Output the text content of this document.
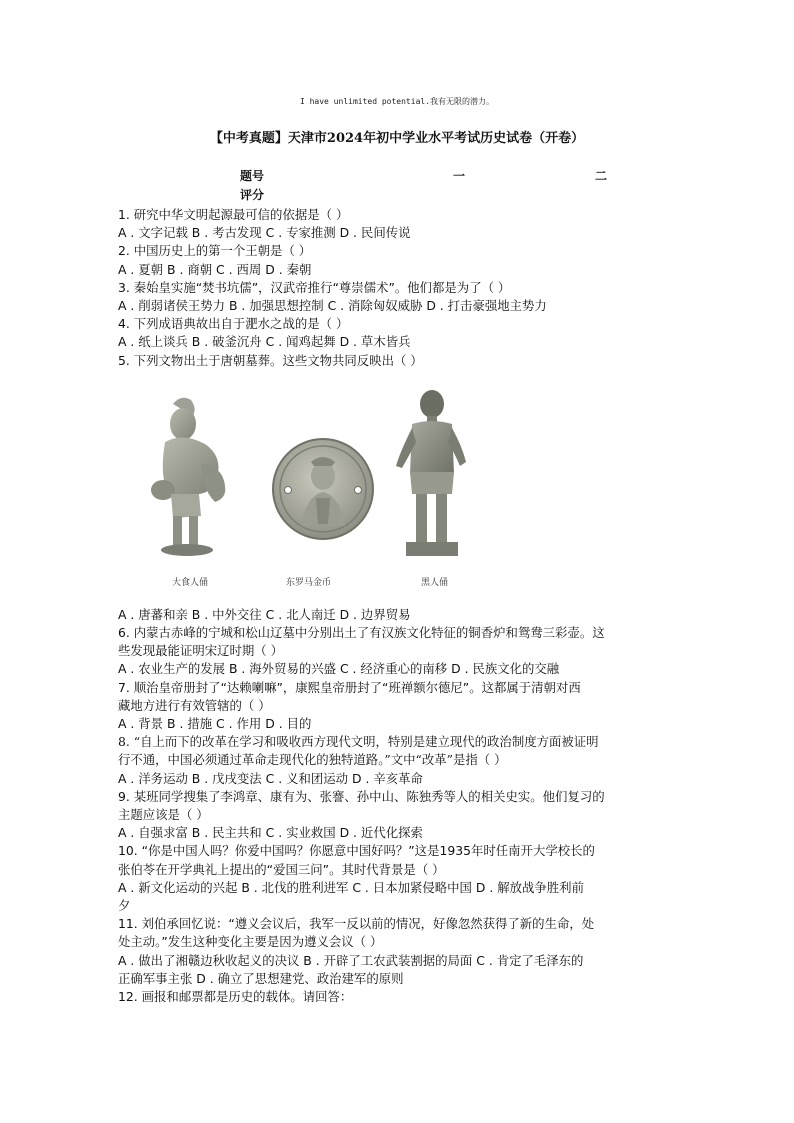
I have unlimited potential.我有无限的潜力。
【中考真题】天津市2024年初中学业水平考试历史试卷（开卷）
题号	一	二
评分
1. 研究中华文明起源最可信的依据是（ ）
A . 文字记载 B . 考古发现 C . 专家推测 D . 民间传说
2. 中国历史上的第一个王朝是（ ）
A . 夏朝 B . 商朝 C . 西周 D . 秦朝
3. 秦始皇实施“焚书坑儒”，汉武帝推行“尊崇儒术”。他们都是为了（ ）
A . 削弱诸侯王势力 B . 加强思想控制 C . 消除匈奴威胁 D . 打击豪强地主势力
4. 下列成语典故出自于淝水之战的是（ ）
A . 纸上谈兵 B . 破釜沉舟 C . 闻鸡起舞 D . 草木皆兵
5. 下列文物出土于唐朝墓葬。这些文物共同反映出（ ）
大食人俑	东罗马金币	黑人俑
A . 唐蕃和亲 B . 中外交往 C . 北人南迁 D . 边界贸易
6. 内蒙古赤峰的宁城和松山辽墓中分别出土了有汉族文化特征的铜香炉和鸳鸯三彩壶。这
些发现最能证明宋辽时期（ ）
A . 农业生产的发展 B . 海外贸易的兴盛 C . 经济重心的南移 D . 民族文化的交融
7. 顺治皇帝册封了“达赖喇嘛”，康熙皇帝册封了“班禅额尔德尼”。这都属于清朝对西
藏地方进行有效管辖的（ ）
A . 背景 B . 措施 C . 作用 D . 目的
8. “自上而下的改革在学习和吸收西方现代文明，特别是建立现代的政治制度方面被证明
行不通，中国必须通过革命走现代化的独特道路。”文中“改革”是指（ ）
A . 洋务运动 B . 戊戌变法 C . 义和团运动 D . 辛亥革命
9. 某班同学搜集了李鸿章、康有为、张謇、孙中山、陈独秀等人的相关史实。他们复习的
主题应该是（ ）
A . 自强求富 B . 民主共和 C . 实业救国 D . 近代化探索
10. “你是中国人吗？你爱中国吗？你愿意中国好吗？”这是1935年时任南开大学校长的
张伯苓在开学典礼上提出的“爱国三问”。其时代背景是（ ）
A . 新文化运动的兴起 B . 北伐的胜利进军 C . 日本加紧侵略中国 D . 解放战争胜利前
夕
11. 刘伯承回忆说：“遵义会议后，我军一反以前的情况，好像忽然获得了新的生命，处
处主动。”发生这种变化主要是因为遵义会议（ ）
A . 做出了湘赣边秋收起义的决议 B . 开辟了工农武装割据的局面 C . 肯定了毛泽东的
正确军事主张 D . 确立了思想建党、政治建军的原则
12. 画报和邮票都是历史的载体。请回答：
